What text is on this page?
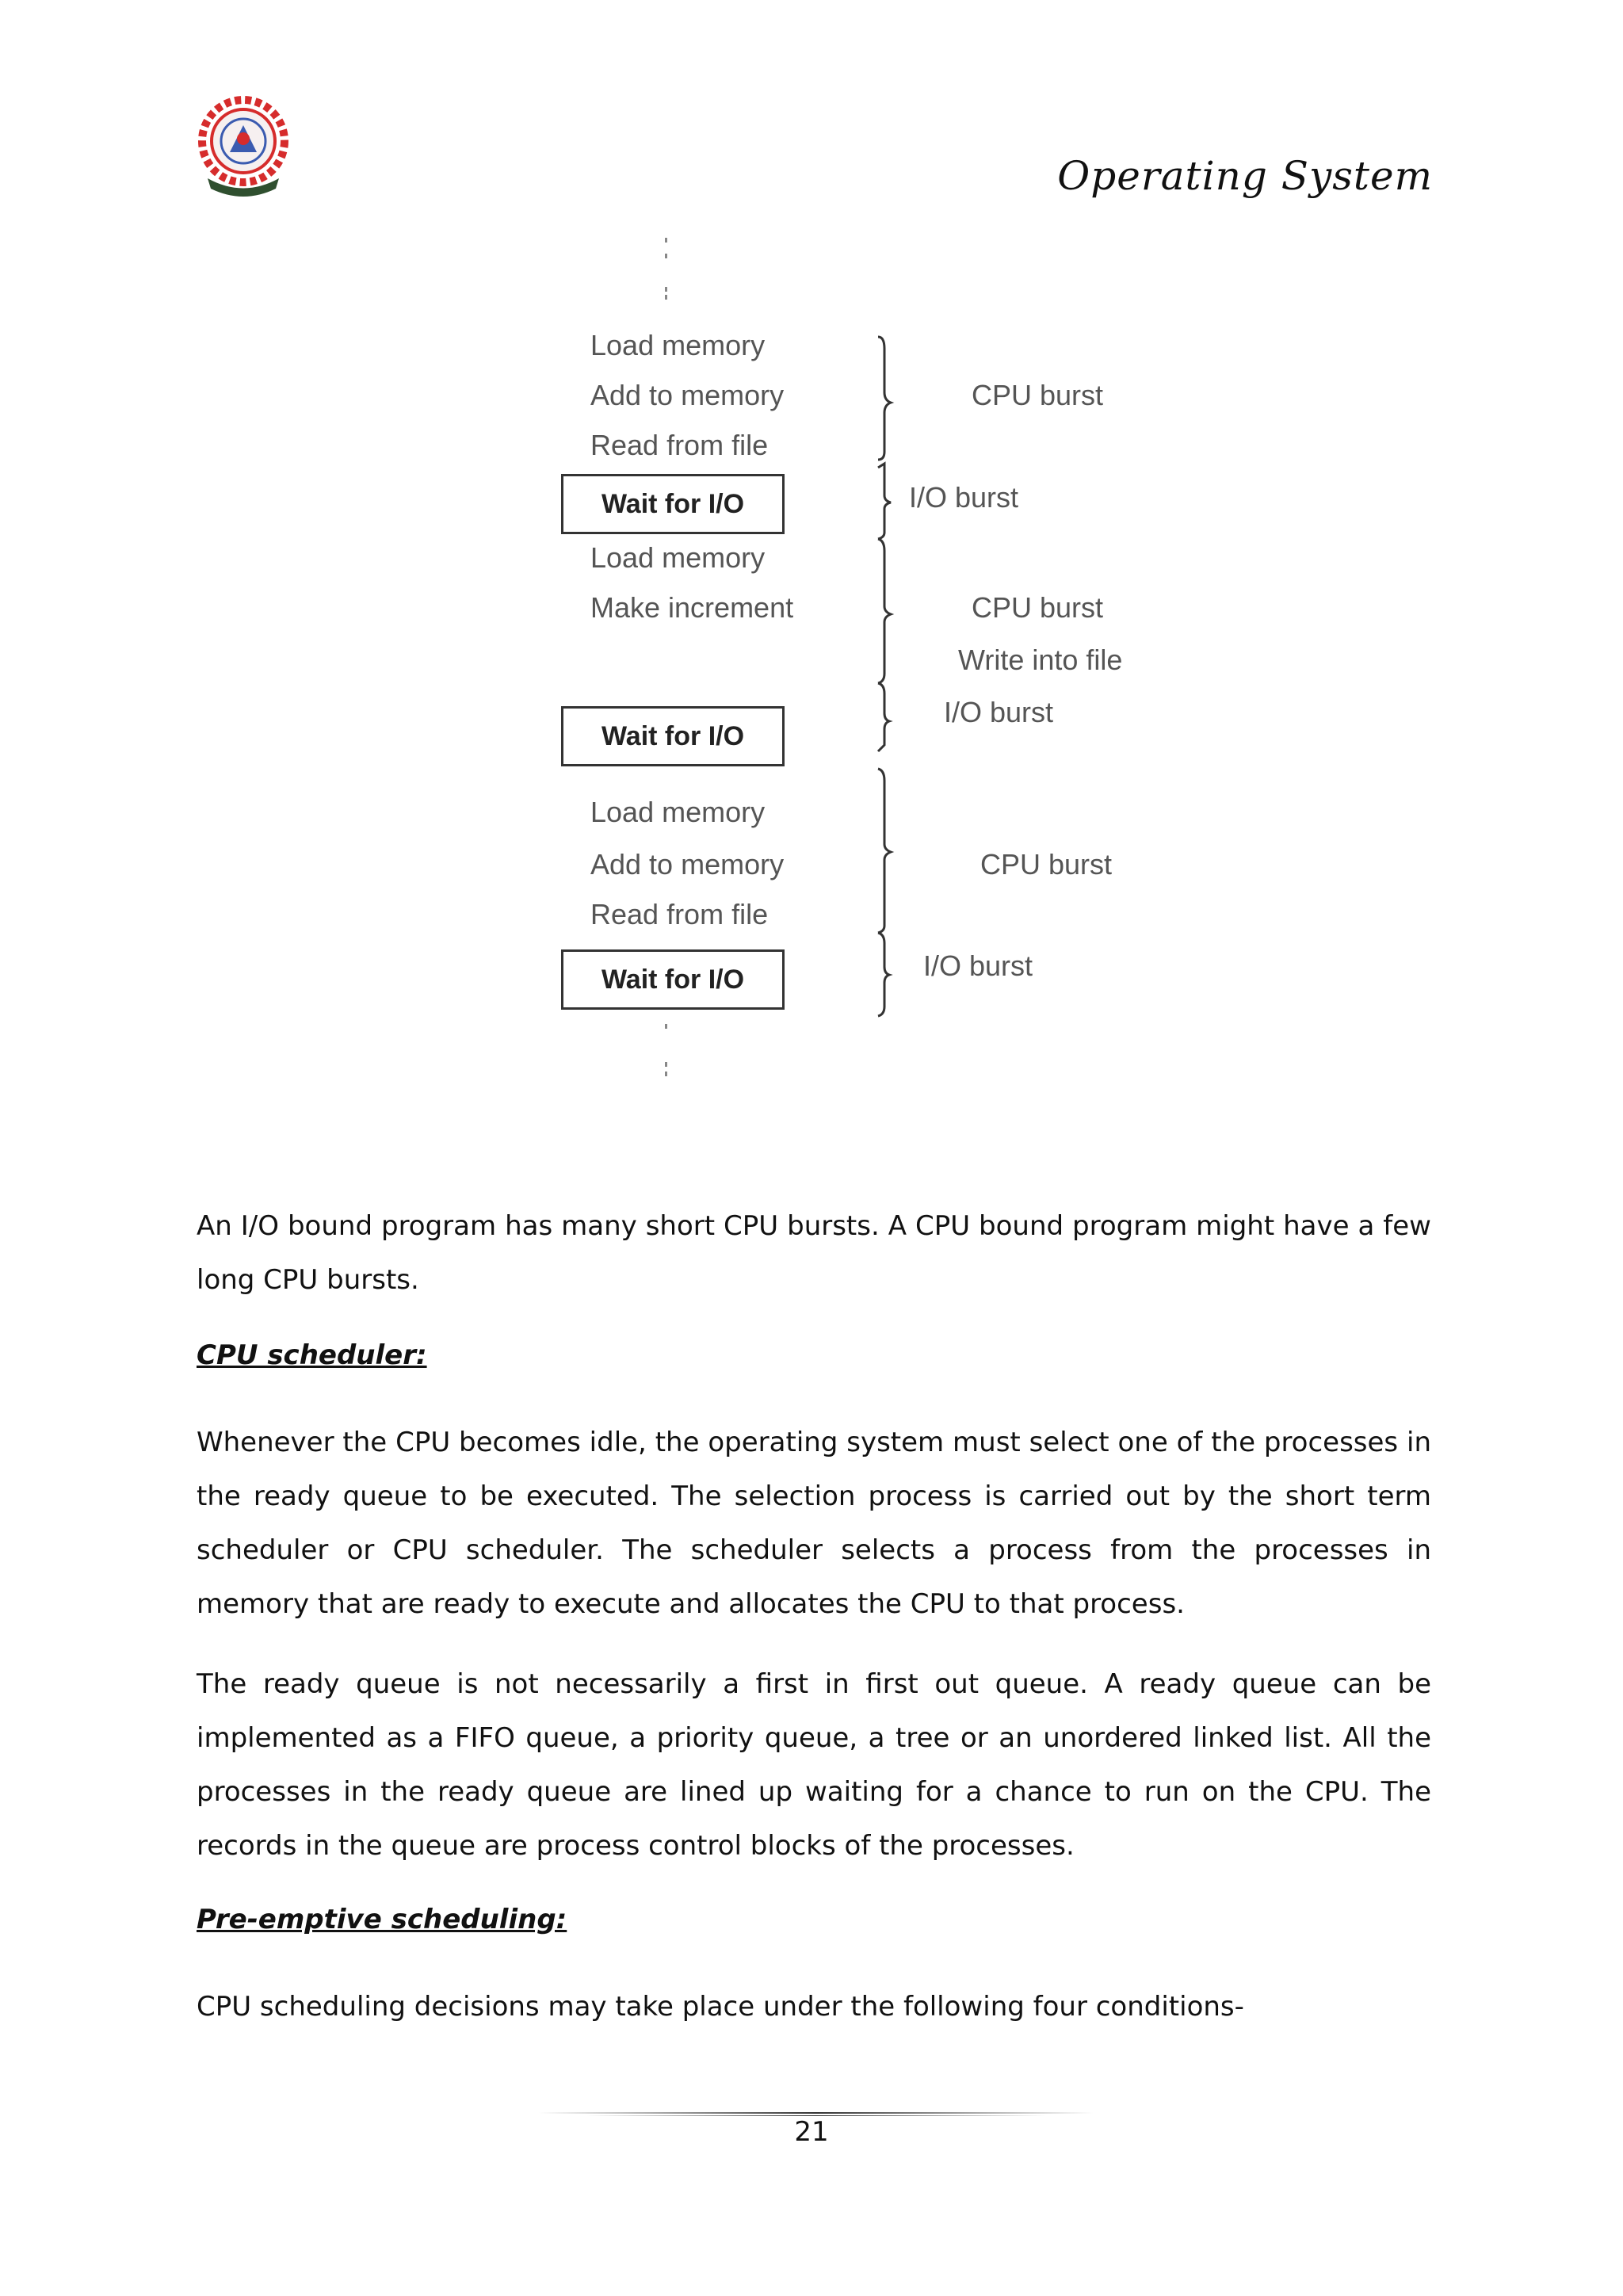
Operating System
Load memory
Add to memory
Read from file
Wait for I/O
Load memory
Make increment
Wait for I/O
Load memory
Add to memory
Read from file
Wait for I/O
CPU burst
I/O burst
CPU burst
Write into file
I/O burst
CPU burst
I/O burst
An I/O bound program has many short CPU bursts. A CPU bound program might have a few long CPU bursts.
CPU scheduler:
Whenever the CPU becomes idle, the operating system must select one of the processes in the ready queue to be executed. The selection process is carried out by the short term scheduler or CPU scheduler. The scheduler selects a process from the processes in memory that are ready to execute and allocates the CPU to that process.
The ready queue is not necessarily a first in first out queue. A ready queue can be implemented as a FIFO queue, a priority queue, a tree or an unordered linked list. All the processes in the ready queue are lined up waiting for a chance to run on the CPU. The records in the queue are process control blocks of the processes.
Pre-emptive scheduling:
CPU scheduling decisions may take place under the following four conditions-
21
